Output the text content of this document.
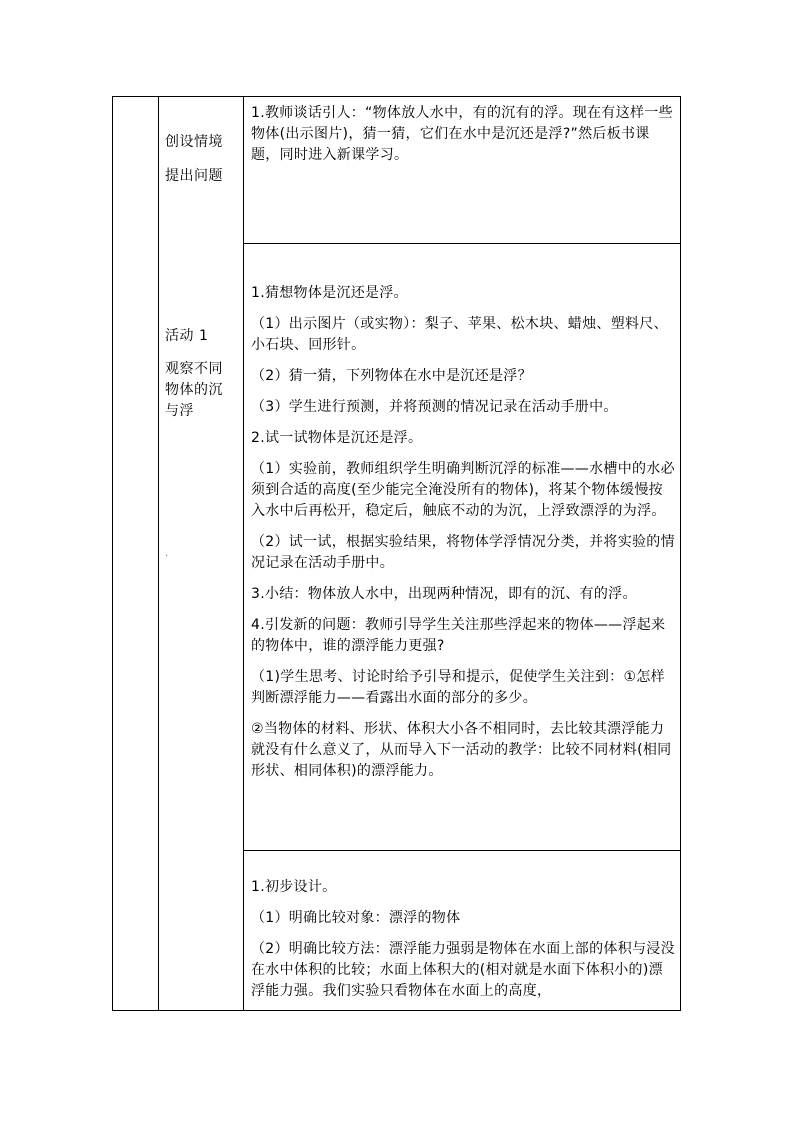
创设情境
提出问题
活动 1
观察不同
物体的沉
与浮
.

1.教师谈话引人：“物体放人水中，有的沉有的浮。现在有这样一些物体(出示图片)，猜一猜，它们在水中是沉还是浮?”然后板书课题，同时进入新课学习。

1.猜想物体是沉还是浮。

（1）出示图片（或实物）：梨子、苹果、松木块、蜡烛、塑料尺、小石块、回形针。

（2）猜一猜，下列物体在水中是沉还是浮？

（3）学生进行预测，并将预测的情况记录在活动手册中。

2.试一试物体是沉还是浮。

（1）实验前，教师组织学生明确判断沉浮的标准——水槽中的水必须到合适的高度(至少能完全淹没所有的物体)，将某个物体缓慢按入水中后再松开，稳定后，触底不动的为沉，上浮致漂浮的为浮。

（2）试一试，根据实验结果，将物体学浮情况分类，并将实验的情况记录在活动手册中。

3.小结：物体放人水中，出现两种情况，即有的沉、有的浮。

4.引发新的问题：教师引导学生关注那些浮起来的物体——浮起来的物体中，谁的漂浮能力更强?

（1)学生思考、讨论时给予引导和提示，促使学生关注到：①怎样判断漂浮能力——看露出水面的部分的多少。

②当物体的材料、形状、体积大小各不相同时，去比较其漂浮能力就没有什么意义了，从而导入下一活动的教学：比较不同材料(相同形状、相同体积)的漂浮能力。

1.初步设计。

（1）明确比较对象：漂浮的物体

（2）明确比较方法：漂浮能力强弱是物体在水面上部的体积与浸没在水中体积的比较；水面上体积大的(相对就是水面下体积小的)漂浮能力强。我们实验只看物体在水面上的高度，
